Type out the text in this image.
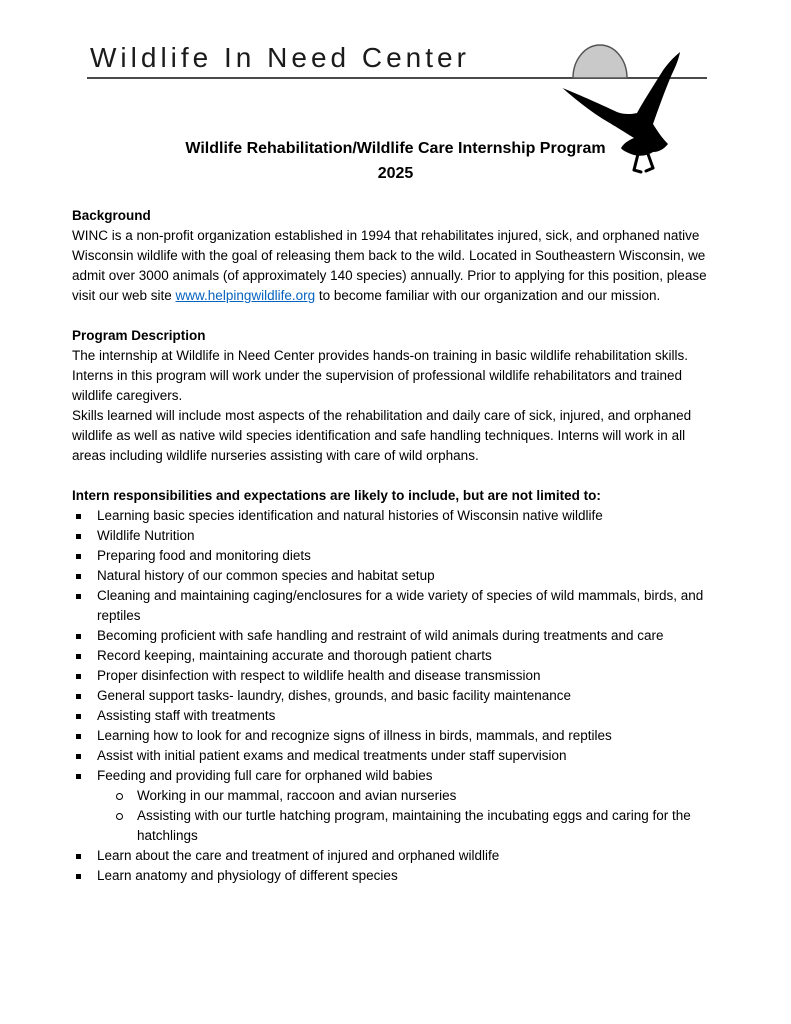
Wildlife In Need Center
Wildlife Rehabilitation/Wildlife Care Internship Program
2025
Background

WINC is a non-profit organization established in 1994 that rehabilitates injured, sick, and orphaned native Wisconsin wildlife with the goal of releasing them back to the wild. Located in Southeastern Wisconsin, we admit over 3000 animals (of approximately 140 species) annually. Prior to applying for this position, please visit our web site www.helpingwildlife.org to become familiar with our organization and our mission.

Program Description

The internship at Wildlife in Need Center provides hands-on training in basic wildlife rehabilitation skills. Interns in this program will work under the supervision of professional wildlife rehabilitators and trained wildlife caregivers.

Skills learned will include most aspects of the rehabilitation and daily care of sick, injured, and orphaned wildlife as well as native wild species identification and safe handling techniques. Interns will work in all areas including wildlife nurseries assisting with care of wild orphans.

Intern responsibilities and expectations are likely to include, but are not limited to:
Learning basic species identification and natural histories of Wisconsin native wildlife
Wildlife Nutrition
Preparing food and monitoring diets
Natural history of our common species and habitat setup
Cleaning and maintaining caging/enclosures for a wide variety of species of wild mammals, birds, and reptiles
Becoming proficient with safe handling and restraint of wild animals during treatments and care
Record keeping, maintaining accurate and thorough patient charts
Proper disinfection with respect to wildlife health and disease transmission
General support tasks- laundry, dishes, grounds, and basic facility maintenance
Assisting staff with treatments
Learning how to look for and recognize signs of illness in birds, mammals, and reptiles
Assist with initial patient exams and medical treatments under staff supervision
Feeding and providing full care for orphaned wild babies
Working in our mammal, raccoon and avian nurseries
Assisting with our turtle hatching program, maintaining the incubating eggs and caring for the hatchlings
Learn about the care and treatment of injured and orphaned wildlife
Learn anatomy and physiology of different species
